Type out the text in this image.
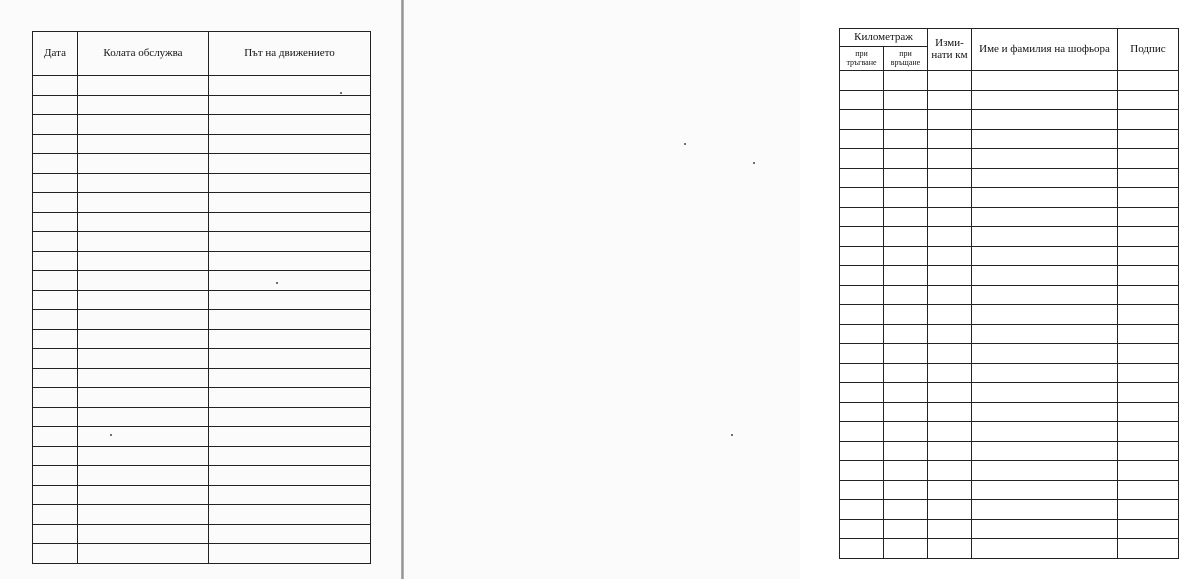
Дата	Колата обслужва	Път на движението

Километраж		Изми-нати км	Име и фамилия на шофьора	Подпис
при тръгване	при връщане			
